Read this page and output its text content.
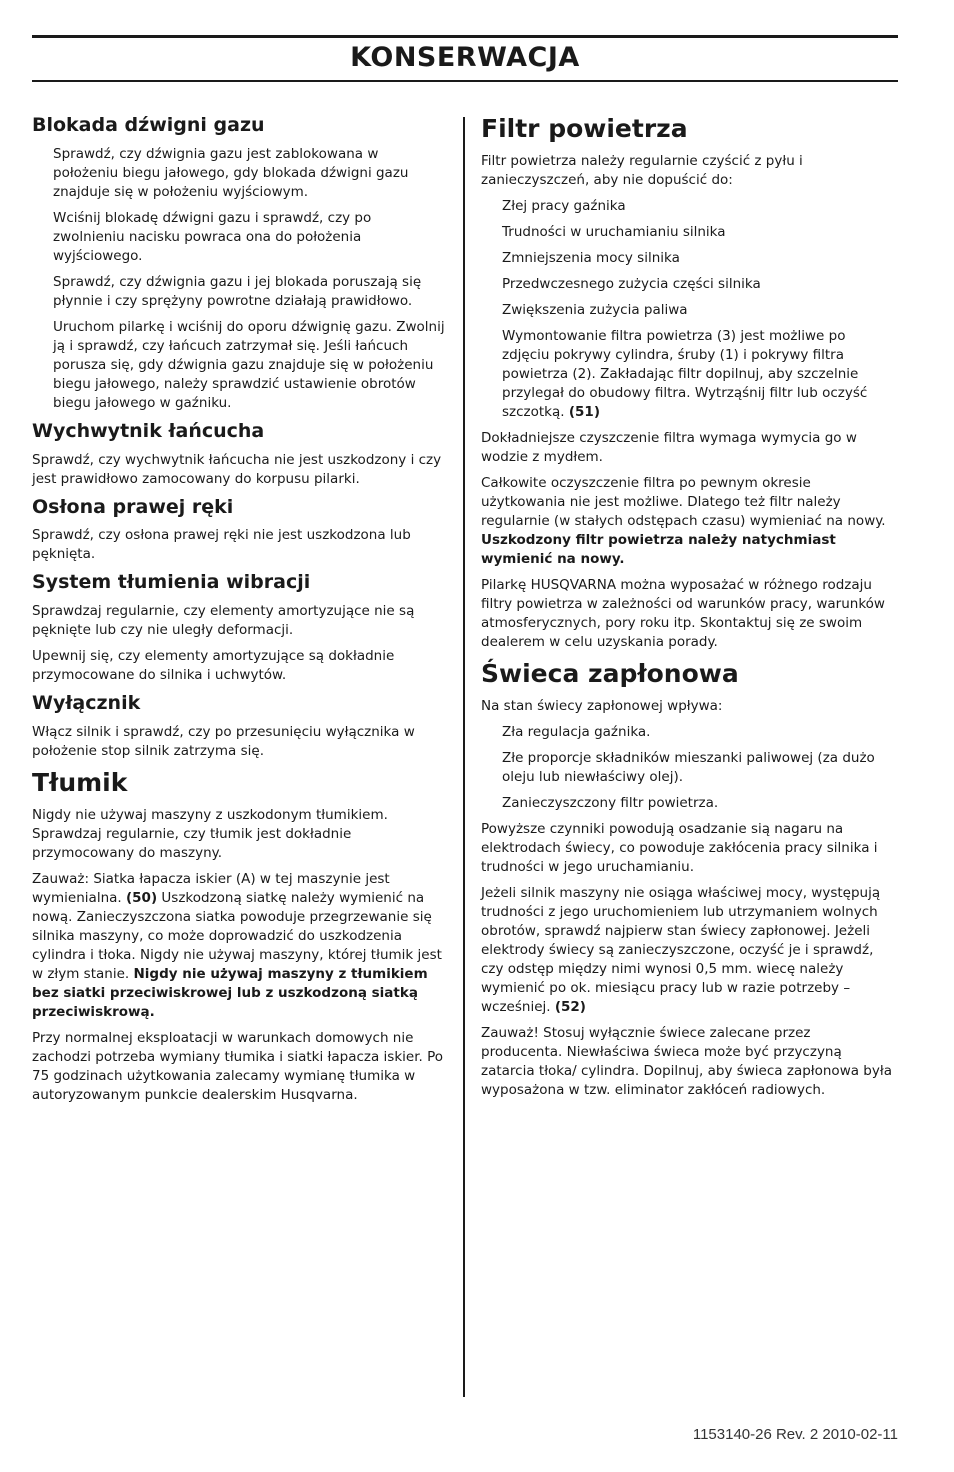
KONSERWACJA
Blokada dźwigni gazu

Sprawdź, czy dźwignia gazu jest zablokowana w położeniu biegu jałowego, gdy blokada dźwigni gazu znajduje się w położeniu wyjściowym.

Wciśnij blokadę dźwigni gazu i sprawdź, czy po zwolnieniu nacisku powraca ona do położenia wyjściowego.

Sprawdź, czy dźwignia gazu i jej blokada poruszają się płynnie i czy sprężyny powrotne działają prawidłowo.

Uruchom pilarkę i wciśnij do oporu dźwignię gazu. Zwolnij ją i sprawdź, czy łańcuch zatrzymał się. Jeśli łańcuch porusza się, gdy dźwignia gazu znajduje się w położeniu biegu jałowego, należy sprawdzić ustawienie obrotów biegu jałowego w gaźniku.

Wychwytnik łańcucha

Sprawdź, czy wychwytnik łańcucha nie jest uszkodzony i czy jest prawidłowo zamocowany do korpusu pilarki.

Osłona prawej ręki

Sprawdź, czy osłona prawej ręki nie jest uszkodzona lub pęknięta.

System tłumienia wibracji

Sprawdzaj regularnie, czy elementy amortyzujące nie są pęknięte lub czy nie uległy deformacji.

Upewnij się, czy elementy amortyzujące są dokładnie przymocowane do silnika i uchwytów.

Wyłącznik

Włącz silnik i sprawdź, czy po przesunięciu wyłącznika w położenie stop silnik zatrzyma się.

Tłumik

Nigdy nie używaj maszyny z uszkodonym tłumikiem. Sprawdzaj regularnie, czy tłumik jest dokładnie przymocowany do maszyny.

Zauważ: Siatka łapacza iskier (A) w tej maszynie jest wymienialna. (50) Uszkodzoną siatkę należy wymienić na nową. Zanieczyszczona siatka powoduje przegrzewanie się silnika maszyny, co może doprowadzić do uszkodzenia cylindra i tłoka. Nigdy nie używaj maszyny, której tłumik jest w złym stanie. Nigdy nie używaj maszyny z tłumikiem bez siatki przeciwiskrowej lub z uszkodzoną siatką przeciwiskrową.

Przy normalnej eksploatacji w warunkach domowych nie zachodzi potrzeba wymiany tłumika i siatki łapacza iskier. Po 75 godzinach użytkowania zalecamy wymianę tłumika w autoryzowanym punkcie dealerskim Husqvarna.

Filtr powietrza

Filtr powietrza należy regularnie czyścić z pyłu i zanieczyszczeń, aby nie dopuścić do:

Złej pracy gaźnika

Trudności w uruchamianiu silnika

Zmniejszenia mocy silnika

Przedwczesnego zużycia części silnika

Zwiększenia zużycia paliwa

Wymontowanie filtra powietrza (3) jest możliwe po zdjęciu pokrywy cylindra, śruby (1) i pokrywy filtra powietrza (2). Zakładając filtr dopilnuj, aby szczelnie przylegał do obudowy filtra. Wytrząśnij filtr lub oczyść szczotką. (51)

Dokładniejsze czyszczenie filtra wymaga wymycia go w wodzie z mydłem.

Całkowite oczyszczenie filtra po pewnym okresie użytkowania nie jest możliwe. Dlatego też filtr należy regularnie (w stałych odstępach czasu) wymieniać na nowy. Uszkodzony filtr powietrza należy natychmiast wymienić na nowy.

Pilarkę HUSQVARNA można wyposażać w różnego rodzaju filtry powietrza w zależności od warunków pracy, warunków atmosferycznych, pory roku itp. Skontaktuj się ze swoim dealerem w celu uzyskania porady.

Świeca zapłonowa

Na stan świecy zapłonowej wpływa:

Zła regulacja gaźnika.

Złe proporcje składników mieszanki paliwowej (za dużo oleju lub niewłaściwy olej).

Zanieczyszczony filtr powietrza.

Powyższe czynniki powodują osadzanie sią nagaru na elektrodach świecy, co powoduje zakłócenia pracy silnika i trudności w jego uruchamianiu.

Jeżeli silnik maszyny nie osiąga właściwej mocy, występują trudności z jego uruchomieniem lub utrzymaniem wolnych obrotów, sprawdź najpierw stan świecy zapłonowej. Jeżeli elektrody świecy są zanieczyszczone, oczyść je i sprawdź, czy odstęp między nimi wynosi 0,5 mm. wiecę należy wymienić po ok. miesiącu pracy lub w razie potrzeby – wcześniej. (52)

Zauważ! Stosuj wyłącznie świece zalecane przez producenta. Niewłaściwa świeca może być przyczyną zatarcia tłoka/ cylindra. Dopilnuj, aby świeca zapłonowa była wyposażona w tzw. eliminator zakłóceń radiowych.

1153140-26 Rev. 2 2010-02-11
